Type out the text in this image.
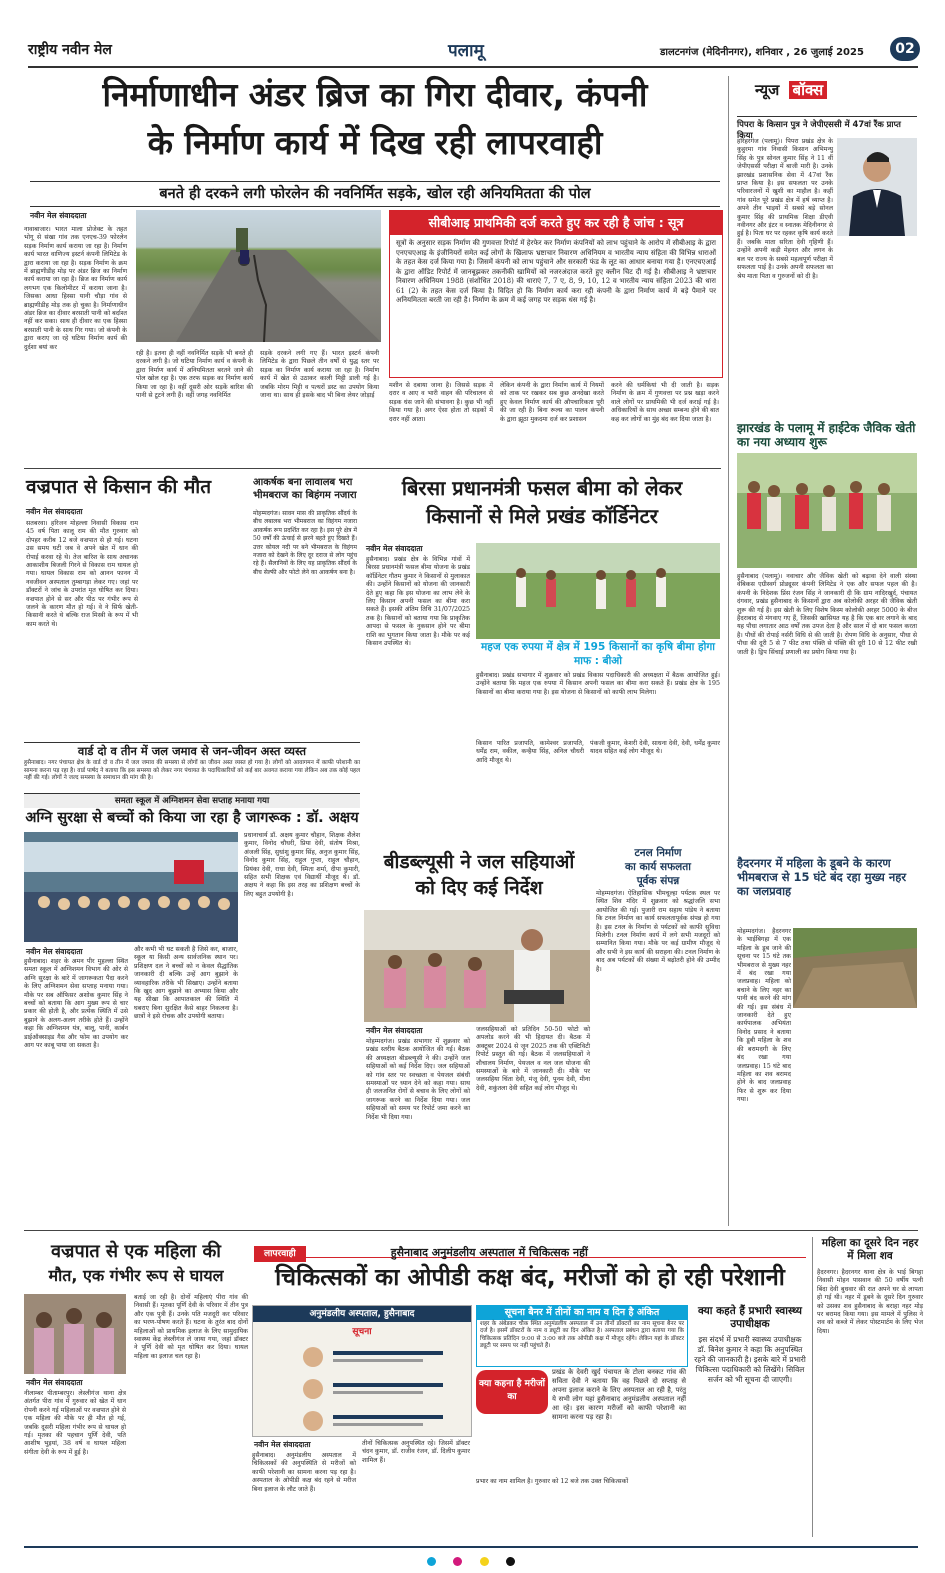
राष्ट्रीय नवीन मेल	पलामू	डालटनगंज (मेदिनीनगर), शनिवार , 26 जुलाई 2025	02
निर्माणाधीन अंडर ब्रिज का गिरा दीवार, कंपनी
के निर्माण कार्य में दिख रही लापरवाही
बनते ही दरकने लगी फोरलेन की नवनिर्मित सड़के, खोल रही अनियमितता की पोल
नवीन मेल संवाददाता
नावाबाजार। भारत माला प्रोजेक्ट के तहत भोगू से संखा गांव तक एनएच-39 फोरलेन सड़क निर्माण कार्य कराया जा रहा है। निर्माण कार्य भारत वाणिज्य इस्टर्न कंपनी लिमिटेड के द्वारा कराया जा रहा है। सड़क निर्माण के क्रम में ब्राह्मणीडीह मोड़ पर अंडर ब्रिज का निर्माण कार्य कराया जा रहा है। ब्रिज का निर्माण कार्य लगभग एक किलोमीटर में कराया जाना है। जिसका आधा हिस्सा यानी चौड़ा गांव से ब्राह्मणीडीह मोड़ तक हो चुका है। निर्माणाधीन अंडर ब्रिज का दीवार बरसाती पानी को बर्दाश्त नहीं कर सका। साथ ही दीवार का एक हिस्सा बरसाती पानी के साथ गिर गया। जो कंपनी के द्वारा कराए जा रहे घटिया निर्माण कार्य की दुर्दशा बयां कर
रही है। इतना ही नहीं नवनिर्मित सड़कें भी बनते ही दरकने लगी है। जो घटिया निर्माण कार्य व कंपनी के द्वारा निर्माण कार्य में अनियमितता बरतने जाने की पोल खोल रहा है। एक तरफ सड़क का निर्माण कार्य किया जा रहा है। वहीं दूसरी ओर सड़कें बारिश की पानी से टूटने लगी हैं। वहीं जगह नवनिर्मित
सड़के दरकने लगी गए हैं। भारत इस्टर्न कंपनी लिमिटेड के द्वारा पिछले तीन वर्षों से युद्ध स्तर पर सड़क का निर्माण कार्य कराया जा रहा है। निर्माण कार्य में खेत से उठाकर काली मिट्टी डाली गई है। जबकि मोरम मिट्टी व पत्थरों डस्ट का उपयोग किया जाना था। साथ ही इसके बाद भी बिना लेयर जोड़ाई
सीबीआइ प्राथमिकी दर्ज करते हुए कर रही है जांच : सूत्र
सूत्रों के अनुसार सड़क निर्माण की गुणवत्ता रिपोर्ट में हेरफेर कर निर्माण कंपनियों को लाभ पहुंचाने के आरोप में सीबीआइ के द्वारा एनएचएआइ के इंजीनियरों समेत कई लोगों के खिलाफ भ्रष्टाचार निवारण अधिनियम व भारतीय न्याय संहिता की विभिन्न धाराओं के तहत केस दर्ज किया गया है। जिसमें कंपनी को लाभ पहुंचाने और सरकारी फंड के लूट का आधार बनाया गया है। एनएचएआई के द्वारा ऑडिट रिपोर्ट में जानबूझकर तकनीकी खामियों को नजरअंदाज करते हुए क्लीन चिट दी गई है। सीबीआइ ने भ्रष्टाचार निवारण अधिनियम 1988 (संशोधित 2018) की धाराएं 7, 7 ए, 8, 9, 10, 12 व भारतीय न्याय संहिता 2023 की धारा 61 (2) के तहत केस दर्ज किया है। विदित हो कि निर्माण कार्य करा रही कंपनी के द्वारा निर्माण कार्य में बड़े पैमाने पर अनियमितता बरती जा रही है। निर्माण के क्रम में कई जगह पर सड़क धंस गई है।
मशीन से दबाया जाना है। जिससे सड़क में दरार व आए व भारी वाहन की परिचालन से सड़क धंस जाने की संभावना है। कुछ भी नहीं किया गया है। अगर ऐसा होता तो सड़कों में दरार नहीं आता।
लेकिन कंपनी के द्वारा निर्माण कार्य में नियमों को ताक पर रखकर सब कुछ अनदेखा करते हुए केवल निर्माण कार्य की औपचारिकता पूरी की जा रही है। बिना रूल्स का पालन कंपनी के द्वारा झूठा मुकदमा दर्ज कर प्रशासन
करने की धर्मकियां भी दी जाती है। सड़क निर्माण के क्रम में गुणवत्ता पर प्रश्न खड़ा करने वाले लोगों पर प्राथमिकी भी दर्ज कराई गई है। अधिकारियों के साथ अच्छा सम्बन्ध होने की बात कह कर लोगों का मुंह बंद कर दिया जाता है।
न्यूज बॉक्स
पिपरा के किसान पुत्र ने जेपीएससी में 47वां रैंक प्राप्त किया
हरिहरगंज (पलामू)। पिपरा प्रखंड क्षेत्र के कुहुरमा गांव निवासी किसान अभिमन्यु सिंह के पुत्र सोनल कुमार सिंह ने 11 वीं जेपीएससी परीक्षा में बाजी मारी है। उनके झारखंड प्रशासनिक सेवा में 47वां रैंक प्राप्त किया है। इस सफलता पर उनके परिवारजनों में खुशी का माहौल है। कहीं गांव समेत पूरे प्रखंड क्षेत्र में हर्ष व्याप्त है। अपने तीन भाइयों में सबसे बड़े सोनल कुमार सिंह की प्राथमिक शिक्षा डीएवी नवीनगर और इंटर व स्नातक मेदिनीनगर से हुई है। पिता घर पर रहकर कृषि कार्य करते हैं। जबकि माता सरिता देवी गृहिणी हैं। उन्होंने अपनी कड़ी मेहनत और लगन के बल पर राज्य के सबसे महत्वपूर्ण परीक्षा में सफलता पाई है। उनके अपनी सफलता का श्रेय माता पिता व गुरुजनों को दी है।
झारखंड के पलामू में हाईटेक जैविक खेती का नया अध्याय शुरू
हुसैनाबाद (पलामू)। नवाचार और जैविक खेती को बढ़ावा देने वाली संस्था वेबिकस एग्रीस्वर्ग प्रोड्यूसर कंपनी लिमिटेड ने एक और सफल पहल की है। कंपनी के निदेशक प्रिंस रंजन सिंह ने जानकारी दी कि ग्राम नादिरखुर्द, पंचायत दंगवार, प्रखंड हुसैनाबाद के किसानों द्वारा अब कोलोकी अरहर की जैविक खेती शुरू की गई है। इस खेती के लिए विशेष किस्म कोलोकी अरहर 5000 के बीज हैदराबाद से मंगवाए गए हैं, जिसकी खासियत यह है कि एक बार लगाने के बाद यह पौधा लगातार आठ वर्षों तक उपज देता है और साल में दो बार फसल करता है। पौधों की रोपाई नर्सरी विधि से की जाती है। रोपण विधि के अनुसार, पौधा से पौधा की दूरी 5 से 7 फीट तथा पंक्ति से पंक्ति की दूरी 10 से 12 फीट रखी जाती है। ड्रिप सिंचाई प्रणाली का प्रयोग किया गया है।
हैदरनगर में महिला के डूबने के कारण भीमबराज से 15 घंटे बंद रहा मुख्य नहर का जलप्रवाह
मोहम्मदगंज। हैदरनगर के भाईबिगहा में एक महिला के डूब जाने की सूचना पर 15 घंटे तक भीमबराज से मुख्य नहर में बंद रखा गया जलप्रवाह। महिला को बचाने के लिए नहर का पानी बंद करने की मांग की गई। इस संबंध में जानकारी देते हुए कार्यपालक अभियंता विनोद प्रसाद ने बताया कि डूबी महिला के शव की बरामदगी के लिए बंद रखा गया जलप्रवाह। 15 घंटे बाद महिला का शव बरामद होने के बाद जलप्रवाह फिर से शुरू कर दिया गया।
वज्रपात से किसान की मौत
नवीन मेल संवाददाता
सतबरवा। हरिजन मोहल्ला निवासी विकास राम 45 वर्ष पिता कालू राम की मौत गुरुवार को दोपहर करीब 12 बजे वज्रपात से हो गई। घटना उस समय घटी जब वे अपने खेत में धान की रोपाई करवा रहे थे। तेज बारिश के साथ अचानक आकाशीय बिजली गिरने से विकास राम घायल हो गया। घायल विकास राम को आनन फानन में नवजीवन अस्पताल तुम्बागड़ा लेकर गए। जहां पर डॉक्टरों ने जांच के उपरांत मृत घोषित कर दिया। वज्रपात होने से सर और पीठ पर गंभीर रूप से जलने के कारण मौत हो गई। वे ने सिर्फ खेती-किसानी करते थे बल्कि राज मिस्त्री के रूप में भी काम करते थे।
आकर्षक बना लावालब भरा भीमबराज का बिहंगम नजारा
मोहम्मदगंज। सावन मास की प्राकृतिक सौंदर्य के बीच लबालब भरा भीमबराज का विहंगम नजारा आकर्षक रूप प्रदर्शित कर रहा है। इस पूरे क्षेत्र में 50 वर्षों की ऊंचाई से झरने बहते हुए दिखते हैं। उत्तर कोयल नदी पर बने भीमबराज के विहंगम नजारा को देखने के लिए दूर दराज से लोग पहुंच रहे हैं। सैलानियों के लिए यह प्राकृतिक सौंदर्य के बीच सेल्फी और फोटो लेने का आकर्षण बना है।
बिरसा प्रधानमंत्री फसल बीमा को लेकर
किसानों से मिले प्रखंड कॉर्डिनेटर
नवीन मेल संवाददाता
हुसैनाबाद। प्रखंड क्षेत्र के विभिन्न गांवों में बिरसा प्रधानमंत्री फसल बीमा योजना के प्रखंड कॉर्डिनेटर गौतम कुमार ने किसानों से मुलाकात की। उन्होंने किसानों को योजना की जानकारी देते हुए कहा कि इस योजना का लाभ लेने के लिए किसान अपनी फसल का बीमा करा सकते हैं। इसकी अंतिम तिथि 31/07/2025 तक है। किसानों को बताया गया कि प्राकृतिक आपदा से फसल के नुकसान होने पर बीमा राशि का भुगतान किया जाता है। मौके पर कई किसान उपस्थित थे।	महज एक रुपया में क्षेत्र में 195 किसानों का कृषि बीमा होगा माफ : बीओ
हुसैनाबाद। प्रखंड सभागार में शुक्रवार को प्रखंड विकास पदाधिकारी की अध्यक्षता में बैठक आयोजित हुई। उन्होंने बताया कि महज एक रुपया में किसान अपनी फसल का बीमा करा सकते हैं। प्रखंड क्षेत्र के 195 किसानों का बीमा कराया गया है। इस योजना से किसानों को काफी लाभ मिलेगा।
किसान पारित प्रजापति, कामेश्वर प्रजापति, धर्मेंद्र राम, वकील, कन्हैया सिंह, अनिल चौधरी आदि मौजूद थे।
पंकजी कुमार, केशरी देवी, साधना देवी, देवी, धर्मेंद्र कुमार यादव सहित कई लोग मौजूद थे।
वार्ड दो व तीन में जल जमाव से जन-जीवन अस्त व्यस्त
हुसैनाबाद। नगर पंचायत क्षेत्र के वार्ड दो व तीन में जल जमाव की समस्या से लोगों का जीवन अस्त व्यस्त हो गया है। लोगों को आवागमन में काफी परेशानी का सामना करना पड़ रहा है। वार्ड पार्षद ने बताया कि इस समस्या को लेकर नगर पंचायत के पदाधिकारियों को कई बार अवगत कराया गया लेकिन अब तक कोई पहल नहीं की गई। लोगों ने जल्द समस्या के समाधान की मांग की है।
समता स्कूल में अग्निशमन सेवा सप्ताह मनाया गया
अग्नि सुरक्षा से बच्चों को किया जा रहा है जागरूक : डॉ. अक्षय
प्रधानाचार्य डॉ. अक्षय कुमार चौहान, शिक्षक शैलेश कुमार, विनोद चौधरी, प्रिया देवी, संतोष मिश्रा, अंजली सिंह, सुधांशु कुमार सिंह, अनुज कुमार सिंह, विनोद कुमार सिंह, राहुल गुप्ता, राहुल चौहान, प्रियंका देवी, राधा देवी, स्मिता शर्मा, दीपा कुमारी, सहित सभी शिक्षक एवं विद्यार्थी मौजूद थे। डॉ. अक्षय ने कहा कि इस तरह का प्रशिक्षण बच्चों के लिए बहुत उपयोगी है।
नवीन मेल संवाददाता
हुसैनाबाद। शहर के अमन पीर मुहल्ला स्थित समता स्कूल में अग्निशमन विभाग की ओर से अग्नि सुरक्षा के बारे में जागरूकता पैदा करने के लिए अग्निशमन सेवा सप्ताह मनाया गया। मौके पर सब ऑफिसर अशोक कुमार सिंह ने बच्चों को बताया कि आग मुख्य रूप से चार प्रकार की होती है, और प्रत्येक स्थिति में उसे बुझाने के अलग-अलग तरीके होते हैं। उन्होंने कहा कि अग्निशमन यंत्र, बालू, पानी, कार्बन डाईऑक्साइड गैस और फोम का उपयोग कर आग पर काबू पाया जा सकता है।
और कभी भी घट सकती है जिसे कर, बाजार, स्कूल या किसी अन्य सार्वजनिक स्थान पर। प्रशिक्षण दल ने बच्चों को न केवल सैद्धांतिक जानकारी दी बल्कि उन्हें आग बुझाने के व्यावहारिक तरीके भी सिखाए। उन्होंने बताया कि खुद आग बुझाने का अभ्यास किया और यह सीखा कि आपातकाल की स्थिति में घबराए बिना सुरक्षित कैसे बाहर निकलना है। छात्रों ने इसे रोचक और उपयोगी बताया।
बीडब्ल्यूसी ने जल सहियाओं
को दिए कई निर्देश
नवीन मेल संवाददाता
मोहम्मदगंज। प्रखंड सभागार में शुक्रवार को प्रखंड स्तरीय बैठक आयोजित की गई। बैठक की अध्यक्षता बीडब्ल्यूसी ने की। उन्होंने जल सहियाओं को कई निर्देश दिए। जल सहियाओं को गांव स्तर पर स्वच्छता व पेयजल संबंधी समस्याओं पर ध्यान देने को कहा गया। साथ ही जलजनित रोगों से बचाव के लिए लोगों को जागरूक करने का निर्देश दिया गया। जल सहियाओं को समय पर रिपोर्ट जमा करने का निर्देश भी दिया गया।
जलसहियाओं को प्रतिदिन 50-50 फोटो को अपलोड करने की भी हिदायत दी। बैठक में अक्टूबर 2024 से जून 2025 तक की एक्टिविटी रिपोर्ट प्रस्तुत की गई। बैठक में जलसहियाओं ने शौचालय निर्माण, पेयजल व नल जल योजना की समस्याओं के बारे में जानकारी दी। मौके पर जलसहिया चिंता देवी, मंजू देवी, पूनम देवी, मीना देवी, शकुंतला देवी सहित कई लोग मौजूद थे।
टनल निर्माण
का कार्य सफलता
पूर्वक संपन्न
मोहम्मदगंज। ऐतिहासिक भीमचूल्हा पर्यटक स्थल पर स्थित शिव मंदिर में शुक्रवार को श्रद्धांजलि सभा आयोजित की गई। पुजारी राम सहाय पांडेय ने बताया कि टनल निर्माण का कार्य सफलतापूर्वक संपन्न हो गया है। इस टनल के निर्माण से पर्यटकों को काफी सुविधा मिलेगी। टनल निर्माण कार्य में लगे सभी मजदूरों को सम्मानित किया गया। मौके पर कई ग्रामीण मौजूद थे और सभी ने इस कार्य की सराहना की। टनल निर्माण के बाद अब पर्यटकों की संख्या में बढ़ोतरी होने की उम्मीद है।
वज्रपात से एक महिला की
मौत, एक गंभीर रूप से घायल
नवीन मेल संवाददाता
नीलाम्बर पीताम्बरपुर। लेस्लीगंज थाना क्षेत्र अंतर्गत पीरा गांव में गुरुवार को खेत में धान रोपनी करने गई महिलाओं पर वज्रपात होने से एक महिला की मौके पर ही मौत हो गई, जबकि दूसरी महिला गंभीर रूप से घायल हो गई। मृतका की पहचान पूर्णि देवी, पति आशीष भुइयां, 38 वर्ष व घायल महिला संगीता देवी के रूप में हुई है।
बताई जा रही है। दोनों महिलाएं पीरा गांव की निवासी हैं। मृतका पूर्णि देवी के परिवार में तीन पुत्र और एक पुत्री हैं। उनके पति मजदूरी कर परिवार का भरण-पोषण करते हैं। घटना के तुरंत बाद दोनों महिलाओं को प्राथमिक इलाज के लिए सामुदायिक स्वास्थ्य केंद्र लेस्लीगंज ले जाया गया, जहां डॉक्टर ने पूर्णि देवी को मृत घोषित कर दिया। घायल महिला का इलाज चल रहा है।
लापरवाही	हुसैनाबाद अनुमंडलीय अस्पताल में चिकित्सक नहीं
चिकित्सकों का ओपीडी कक्ष बंद, मरीजों को हो रही परेशानी
अनुमंडलीय अस्पताल, हुसैनाबाद
सूचना
सूचना बैनर में तीनों का नाम व दिन है अंकित
शहर के अंबेडकर चौक स्थित अनुमंडलीय अस्पताल में उन तीनों डॉक्टरों का नाम सूचना बैनर पर दर्ज है। इसमें डॉक्टरों के नाम व ड्यूटी का दिन अंकित है। अस्पताल प्रबंधन द्वारा बताया गया कि चिकित्सक प्रतिदिन 9:00 से 3:00 बजे तक ओपीडी कक्ष में मौजूद रहेंगे। लेकिन यहां के डॉक्टर ड्यूटी पर समय पर नहीं पहुंचते हैं।
क्या कहना है मरीजों का
प्रखंड के देवरी खुर्द पंचायत के टोला बनकट गांव की सविता देवी ने बताया कि वह पिछले दो सप्ताह से अपना इलाज कराने के लिए अस्पताल आ रही है, परंतु ये सभी लोग यहां हुसैनाबाद अनुमंडलीय अस्पताल नहीं आ रहे। इस कारण मरीजों को काफी परेशानी का सामना करना पड़ रहा है।
नवीन मेल संवाददाता
हुसैनाबाद। अनुमंडलीय अस्पताल में चिकित्सकों की अनुपस्थिति से मरीजों को काफी परेशानी का सामना करना पड़ रहा है। अस्पताल के ओपीडी कक्ष बंद रहने से मरीज बिना इलाज के लौट जाते हैं।
तीनों चिकित्सक अनुपस्थित रहे। जिसमें डॉक्टर चंदन कुमार, डॉ. राजीव रंजन, डॉ. दिलीप कुमार शामिल हैं।
प्रभार का नाम शामिल है। गुरुवार को 12 बजे तक उक्त चिकित्सकों
क्या कहते हैं प्रभारी स्वास्थ्य उपाधीक्षक
इस संदर्भ में प्रभारी स्वास्थ्य उपाधीक्षक डॉ. बिनेश कुमार ने कहा कि अनुपस्थित रहने की जानकारी है। इसके बारे में प्रभारी चिकित्सा पदाधिकारी को लिखेंगे। सिविल सर्जन को भी सूचना दी जाएगी।
महिला का दूसरे दिन नहर में मिला शव
हैदरनगर। हैदरनगर थाना क्षेत्र के भाई बिगहा निवासी मोहन पासवान की 50 वर्षीय पत्नी बिंदा देवी बुधवार की रात अपने घर से लापता हो गई थी। नहर में डूबने के दूसरे दिन गुरुवार को उसका शव हुसैनाबाद के बराहा नहर मोड़ पर बरामद किया गया। इस मामले में पुलिस ने शव को कब्जे में लेकर पोस्टमार्टम के लिए भेज दिया।
